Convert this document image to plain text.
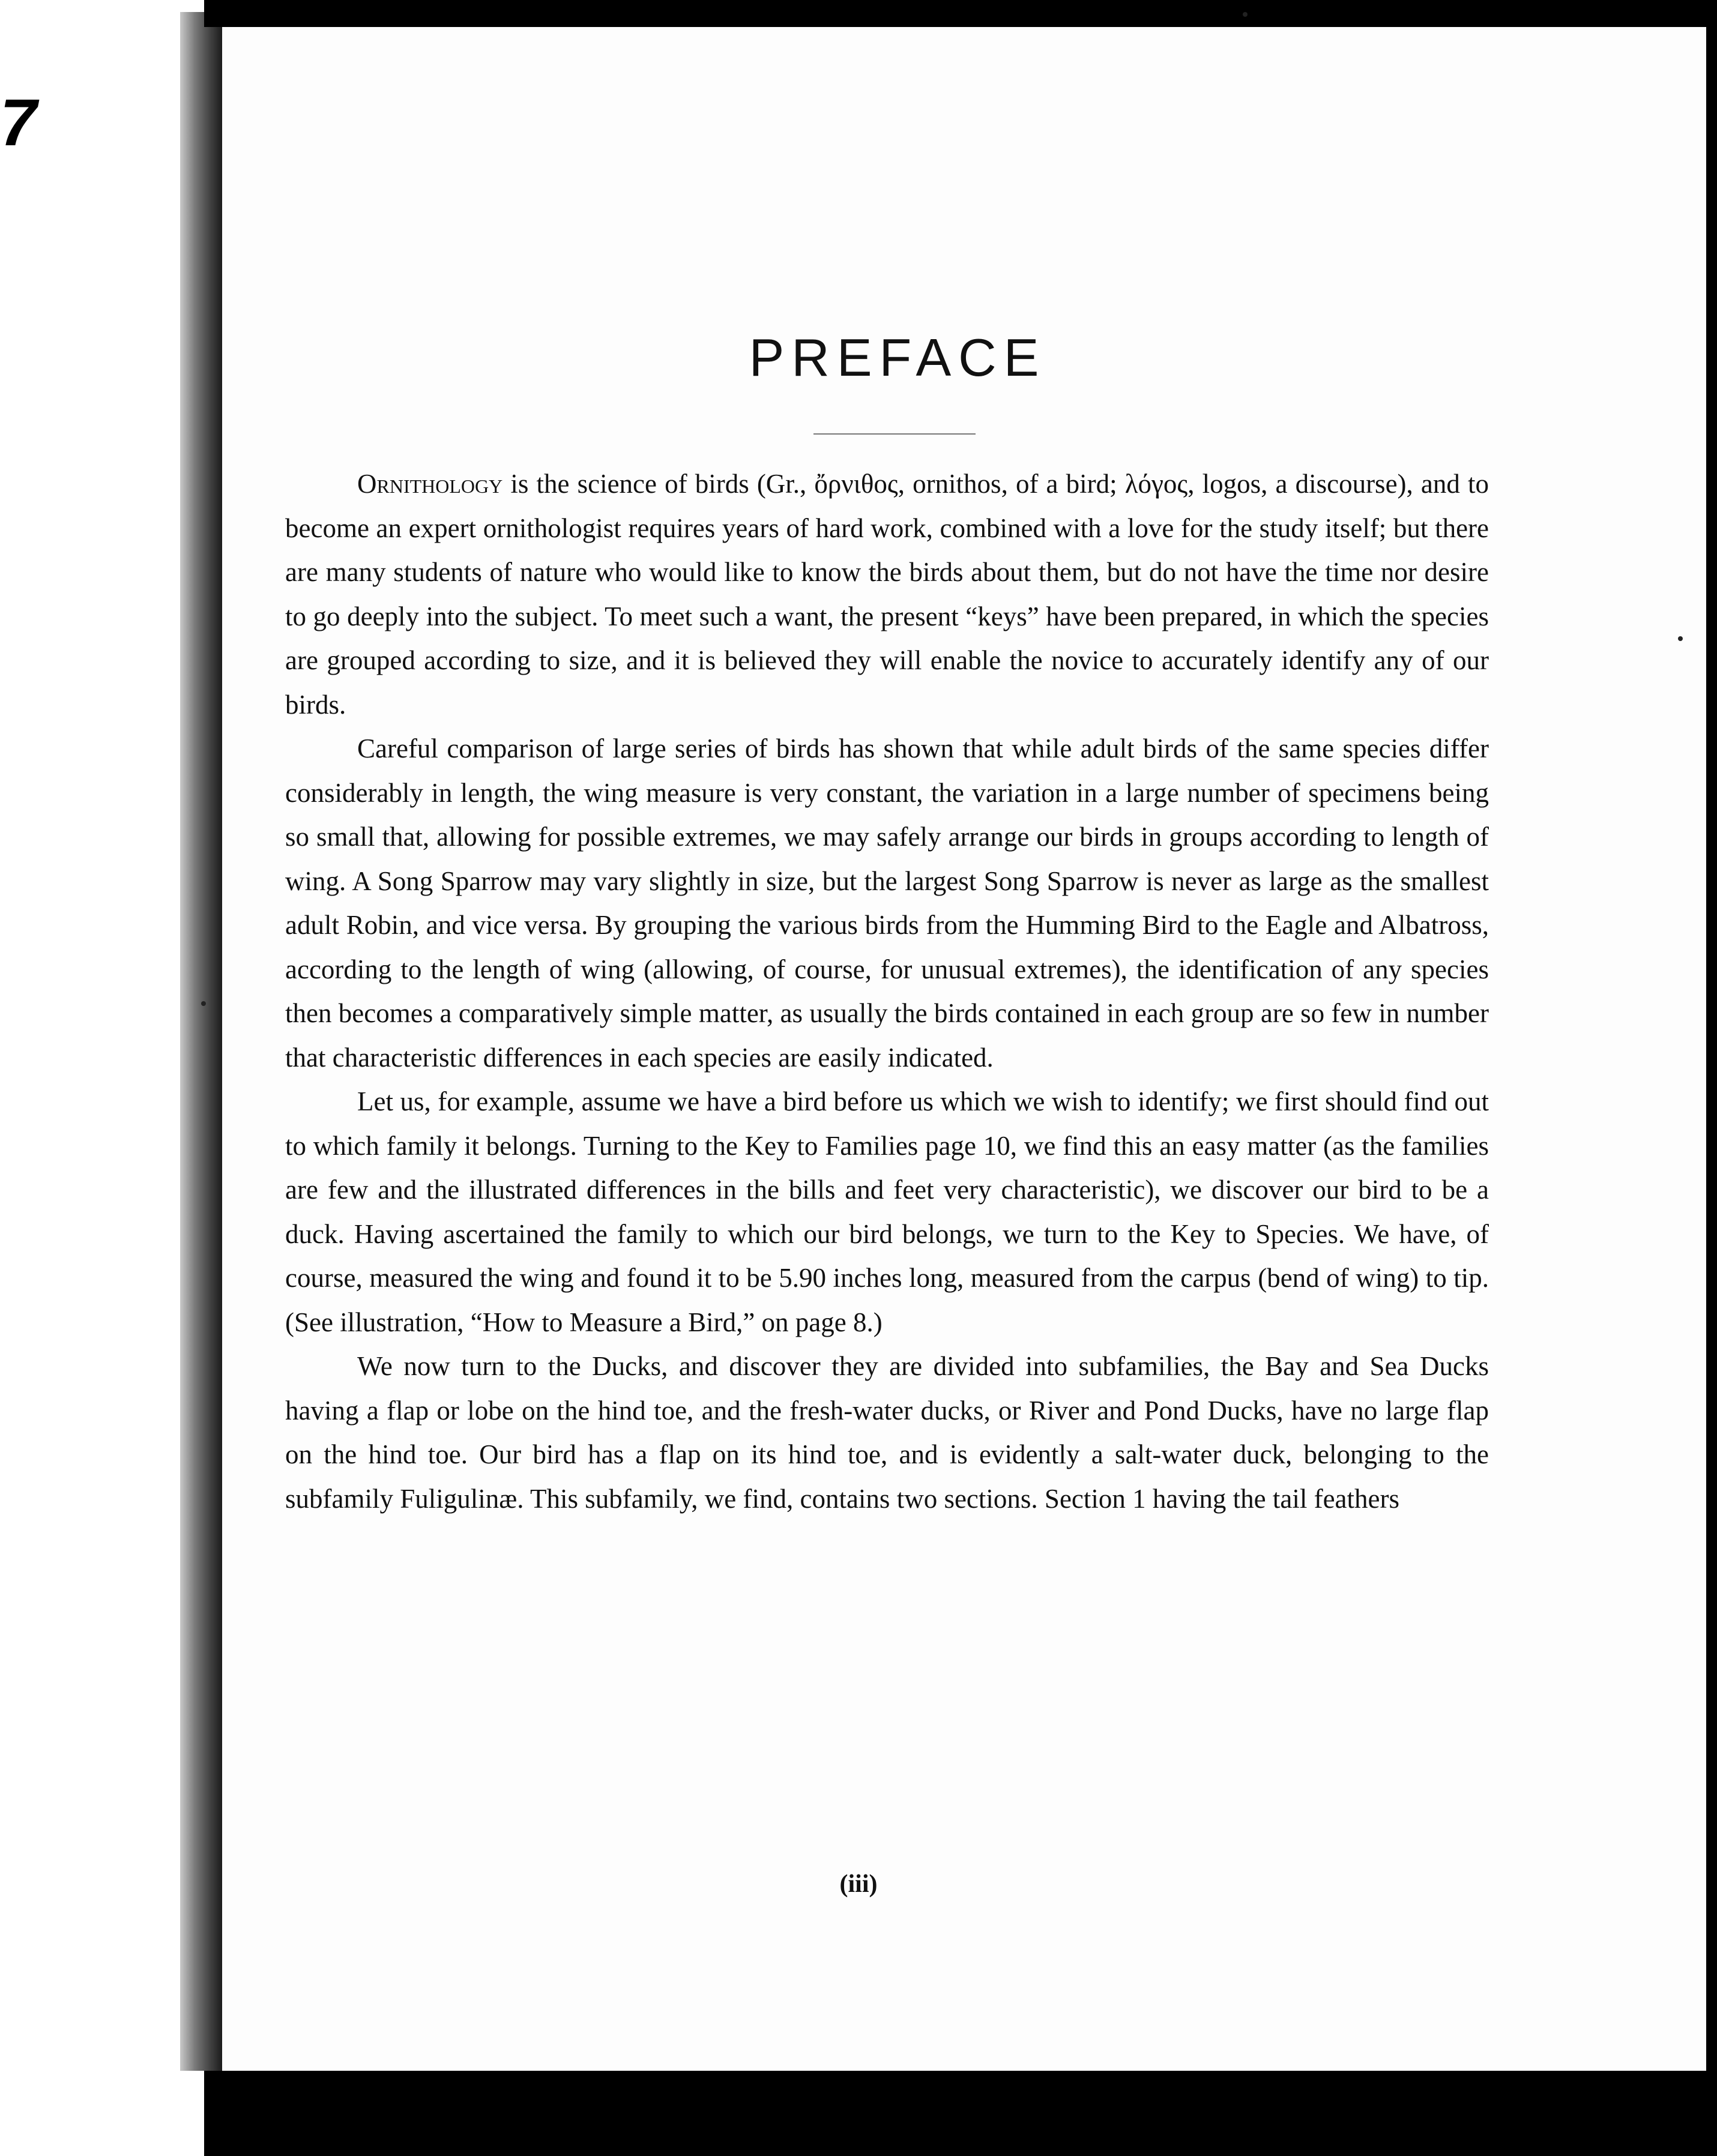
7
PREFACE

Ornithology is the science of birds (Gr., ὄρνιθος, ornithos, of a bird; λόγος, logos, a discourse), and to become an expert ornithologist requires years of hard work, combined with a love for the study itself; but there are many students of nature who would like to know the birds about them, but do not have the time nor desire to go deeply into the subject. To meet such a want, the present “keys” have been prepared, in which the species are grouped according to size, and it is believed they will enable the novice to accurately identify any of our birds.

Careful comparison of large series of birds has shown that while adult birds of the same species differ considerably in length, the wing measure is very constant, the variation in a large number of specimens being so small that, allowing for possible extremes, we may safely arrange our birds in groups according to length of wing. A Song Sparrow may vary slightly in size, but the largest Song Sparrow is never as large as the smallest adult Robin, and vice versa. By grouping the various birds from the Humming Bird to the Eagle and Albatross, according to the length of wing (allowing, of course, for unusual extremes), the identification of any species then becomes a comparatively simple matter, as usually the birds contained in each group are so few in number that characteristic differences in each species are easily indicated.

Let us, for example, assume we have a bird before us which we wish to identify; we first should find out to which family it belongs. Turning to the Key to Families page 10, we find this an easy matter (as the families are few and the illustrated differences in the bills and feet very characteristic), we discover our bird to be a duck. Having ascertained the family to which our bird belongs, we turn to the Key to Species. We have, of course, measured the wing and found it to be 5.90 inches long, measured from the carpus (bend of wing) to tip. (See illustration, “How to Measure a Bird,” on page 8.)

We now turn to the Ducks, and discover they are divided into subfamilies, the Bay and Sea Ducks having a flap or lobe on the hind toe, and the fresh-water ducks, or River and Pond Ducks, have no large flap on the hind toe. Our bird has a flap on its hind toe, and is evidently a salt-water duck, belonging to the subfamily Fuligulinæ. This subfamily, we find, contains two sections. Section 1 having the tail feathers

(iii)
